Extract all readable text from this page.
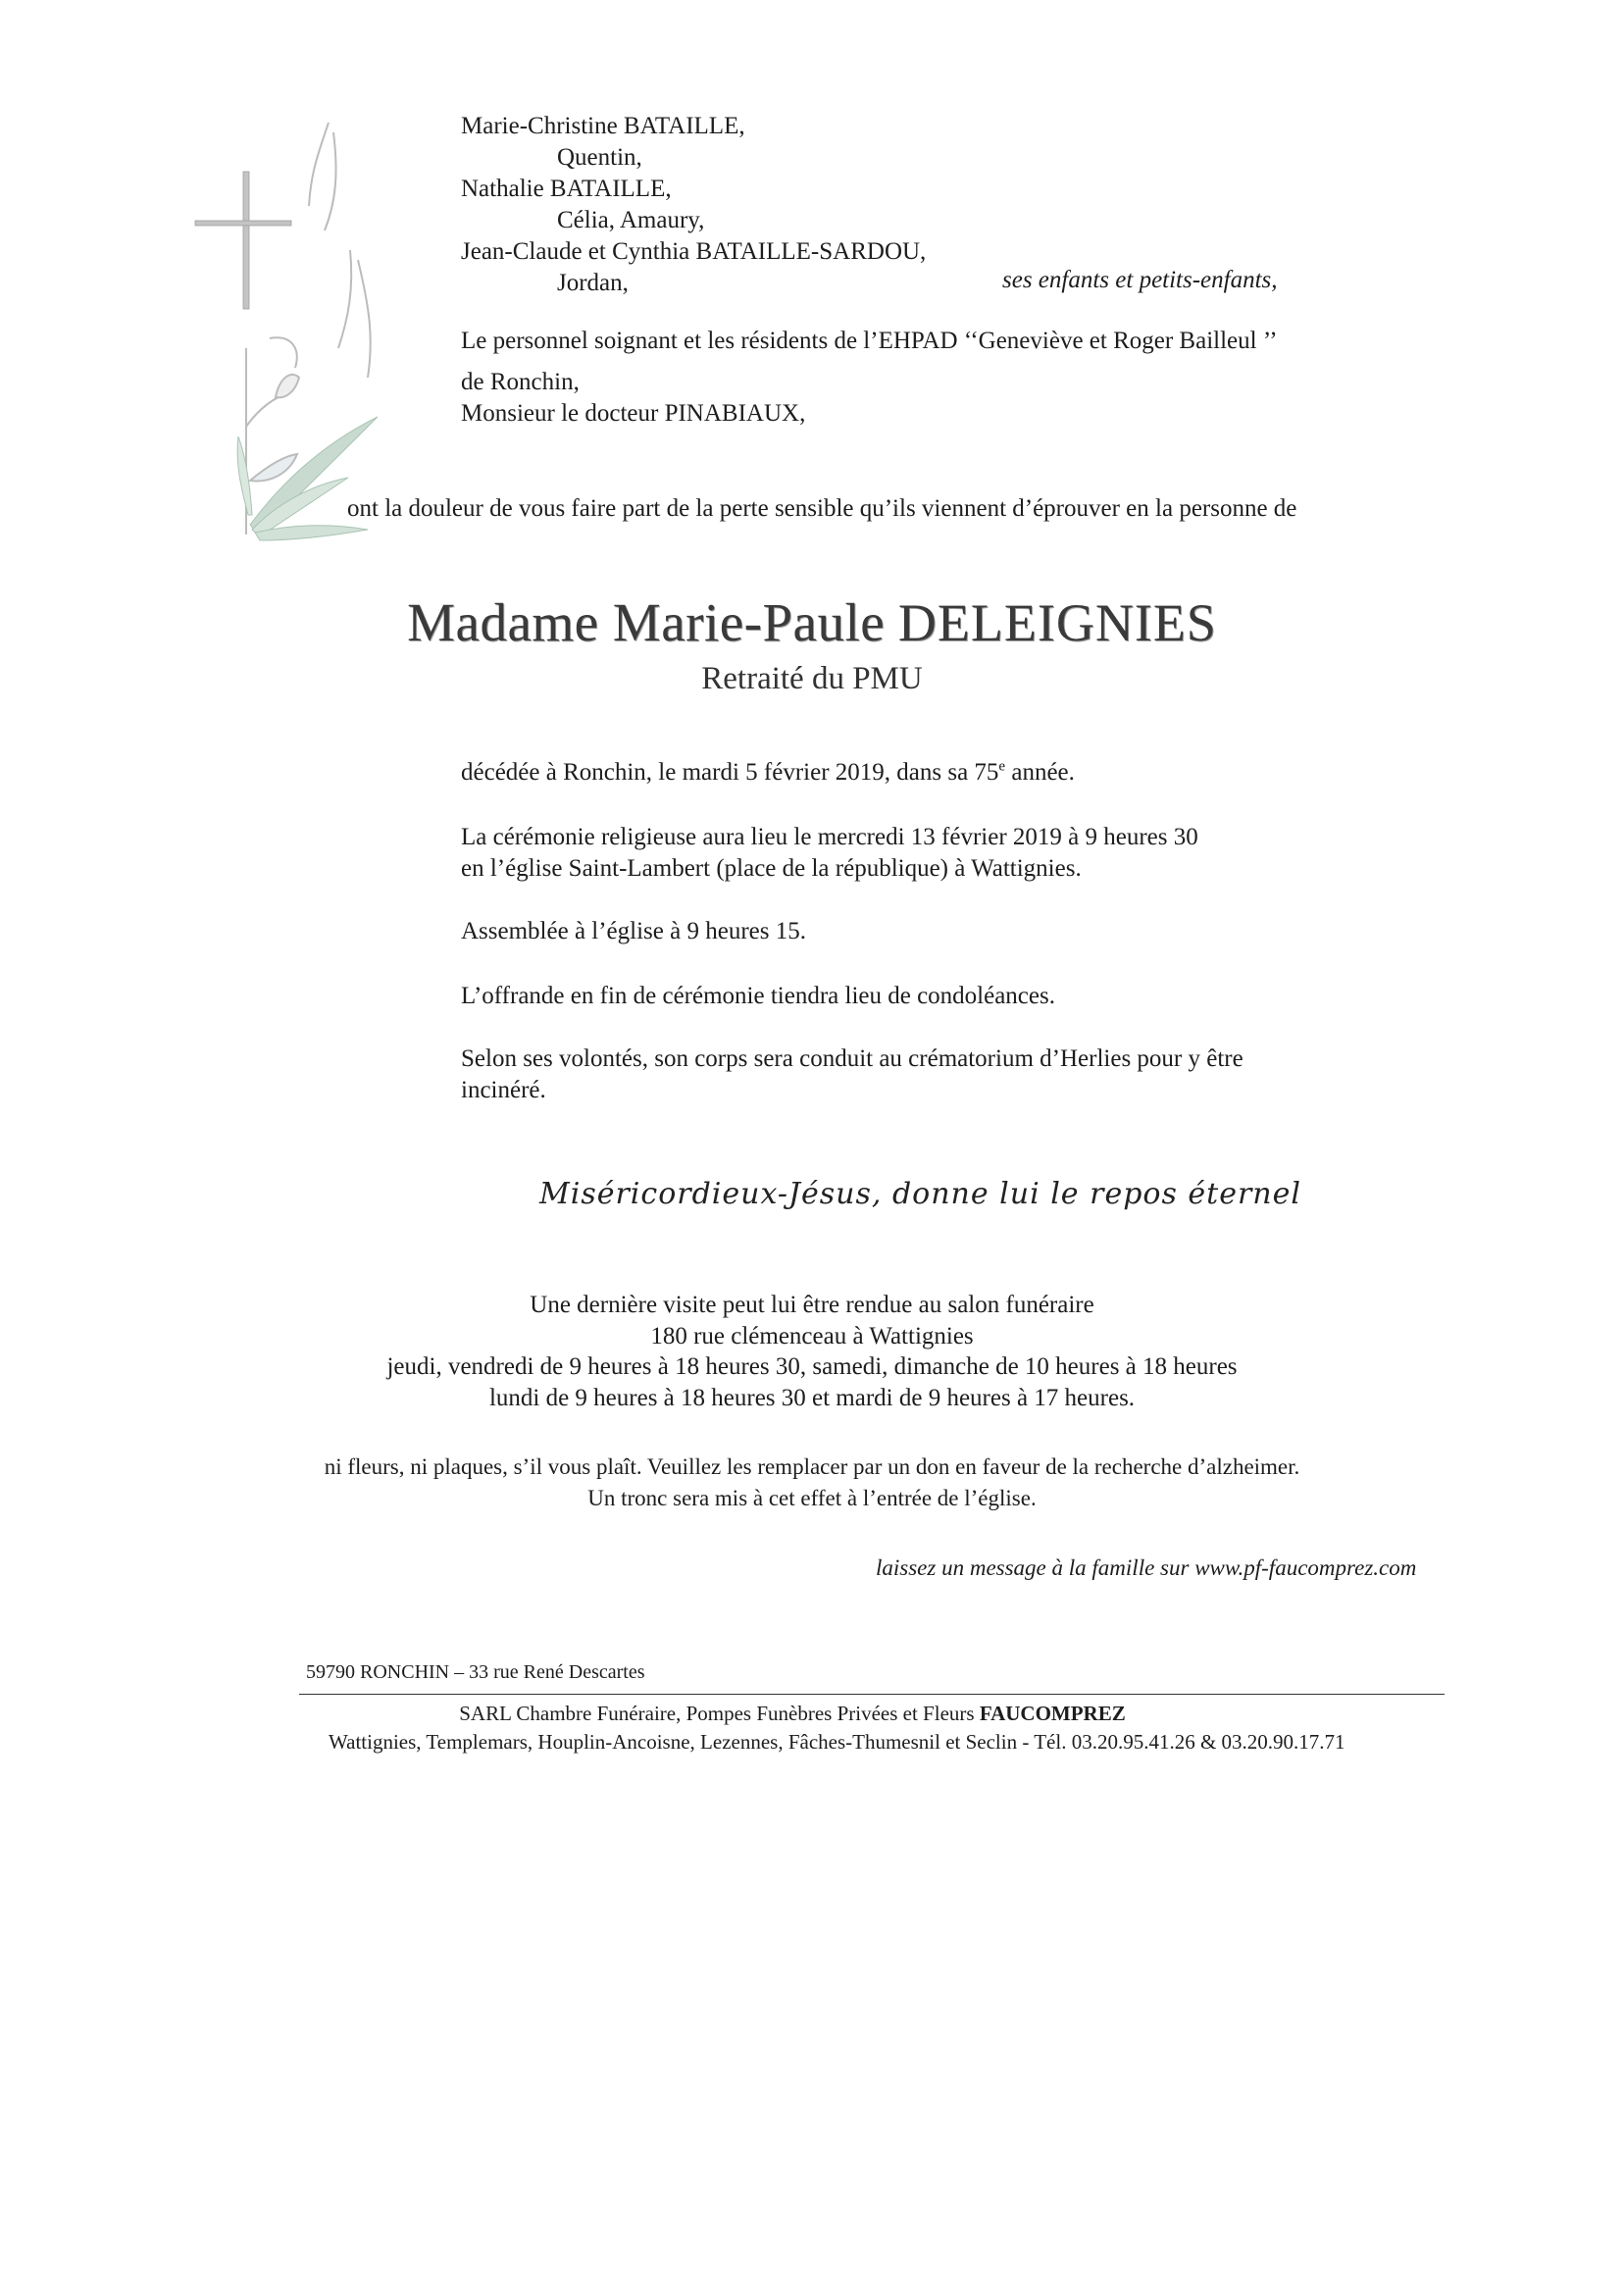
Marie-Christine BATAILLE,
Quentin,
Nathalie BATAILLE,
Célia, Amaury,
Jean-Claude et Cynthia BATAILLE-SARDOU,
Jordan,	ses enfants et petits-enfants,
Le personnel soignant et les résidents de l’EHPAD ‘‘Geneviève et Roger Bailleul ’’
de Ronchin,
Monsieur le docteur PINABIAUX,
ont la douleur de vous faire part de la perte sensible qu’ils viennent d’éprouver en la personne de
Madame Marie-Paule DELEIGNIES
Retraité du PMU
décédée à Ronchin, le mardi 5 février 2019, dans sa 75e année.
La cérémonie religieuse aura lieu le mercredi 13 février 2019 à 9 heures 30
en l’église Saint-Lambert (place de la république) à Wattignies.
Assemblée à l’église à 9 heures 15.
L’offrande en fin de cérémonie tiendra lieu de condoléances.
Selon ses volontés, son corps sera conduit au crématorium d’Herlies pour y être
incinéré.
Miséricordieux-Jésus, donne lui le repos éternel
Une dernière visite peut lui être rendue au salon funéraire
180 rue clémenceau à Wattignies
jeudi, vendredi de 9 heures à 18 heures 30, samedi, dimanche de 10 heures à 18 heures
lundi de 9 heures à 18 heures 30 et mardi de 9 heures à 17 heures.
ni fleurs, ni plaques, s’il vous plaît. Veuillez les remplacer par un don en faveur de la recherche d’alzheimer.
Un tronc sera mis à cet effet à l’entrée de l’église.
laissez un message à la famille sur www.pf-faucomprez.com
59790 RONCHIN – 33 rue René Descartes
SARL Chambre Funéraire, Pompes Funèbres Privées et Fleurs FAUCOMPREZ
Wattignies, Templemars, Houplin-Ancoisne, Lezennes, Fâches-Thumesnil et Seclin - Tél. 03.20.95.41.26 & 03.20.90.17.71
